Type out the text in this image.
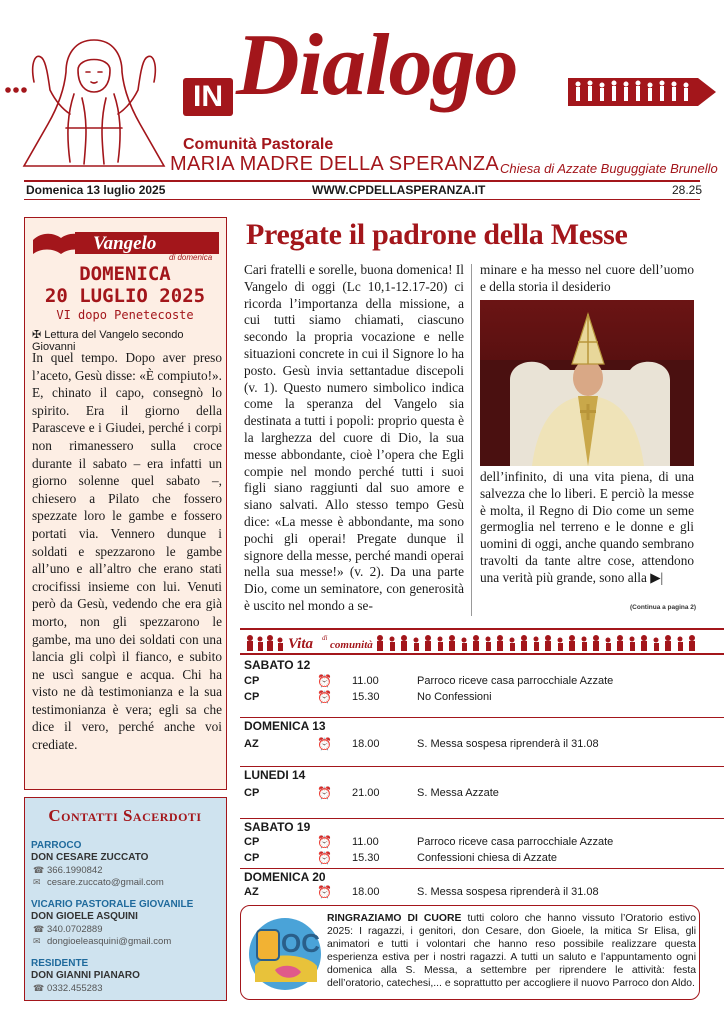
IN Dialogo
Comunità Pastorale
MARIA MADRE DELLA SPERANZA Chiesa di Azzate Buguggiate Brunello
Domenica 13 luglio 2025	WWW.CPDELLASPERANZA.IT	28.25
Vangelo
di domenica
DOMENICA
20 LUGLIO 2025
VI dopo Penetecoste
✠ Lettura del Vangelo secondo Giovanni
In quel tempo. Dopo aver preso l’aceto, Gesù disse: «È compiuto!». E, chinato il capo, consegnò lo spirito. Era il giorno della Parasceve e i Giudei, perché i corpi non rimanessero sulla croce durante il sabato – era infatti un giorno solenne quel sabato –, chiesero a Pilato che fossero spezzate loro le gambe e fossero portati via. Vennero dunque i soldati e spezzarono le gambe all’uno e all’altro che erano stati crocifissi insieme con lui. Venuti però da Gesù, vedendo che era già morto, non gli spezzarono le gambe, ma uno dei soldati con una lancia gli colpì il fianco, e subito ne uscì sangue e acqua. Chi ha visto ne dà testimonianza e la sua testimonianza è vera; egli sa che dice il vero, perché anche voi crediate.
Contatti Sacerdoti
PARROCO
DON CESARE ZUCCATO
☎ 366.1990842
✉ cesare.zuccato@gmail.com
VICARIO PASTORALE GIOVANILE
DON GIOELE ASQUINI
☎ 340.0702889
✉ dongioeleasquini@gmail.com
RESIDENTE
DON GIANNI PIANARO
☎ 0332.455283
Pregate il padrone della Messe
Cari fratelli e sorelle, buona domenica! Il Vangelo di oggi (Lc 10,1-12.17-20) ci ricorda l’importanza della missione, a cui tutti siamo chiamati, ciascuno secondo la propria vocazione e nelle situazioni concrete in cui il Signore lo ha posto. Gesù invia settantadue discepoli (v. 1). Questo numero simbolico indica come la speranza del Vangelo sia destinata a tutti i popoli: proprio questa è la larghezza del cuore di Dio, la sua messe abbondante, cioè l’opera che Egli compie nel mondo perché tutti i suoi figli siano raggiunti dal suo amore e siano salvati. Allo stesso tempo Gesù dice: «La messe è abbondante, ma sono pochi gli operai! Pregate dunque il signore della messe, perché mandi operai nella sua messe!» (v. 2). Da una parte Dio, come un seminatore, con generosità è uscito nel mondo a se-
minare e ha messo nel cuore dell’uomo e della storia il desiderio
dell’infinito, di una vita piena, di una salvezza che lo liberi. E perciò la messe è molta, il Regno di Dio come un seme germoglia nel terreno e le donne e gli uomini di oggi, anche quando sembrano travolti da tante altre cose, attendono una verità più grande, sono alla ▶|
(Continua a pagina 2)
Vita di
comunità
SABATO 12
CP	⏰ 11.00	Parroco riceve casa parrocchiale Azzate
CP	⏰ 15.30	No Confessioni
DOMENICA 13
AZ	⏰ 18.00	S. Messa sospesa riprenderà il 31.08
LUNEDI 14
CP	⏰ 21.00	S. Messa Azzate
SABATO 19
CP	⏰ 11.00	Parroco riceve casa parrocchiale Azzate
CP	⏰ 15.30	Confessioni chiesa di Azzate
DOMENICA 20
AZ	⏰ 18.00	S. Messa sospesa riprenderà il 31.08
OC
RINGRAZIAMO DI CUORE tutti coloro che hanno vissuto l’Oratorio estivo 2025: I ragazzi, i genitori, don Cesare, don Gioele, la mitica Sr Elisa, gli animatori e tutti i volontari che hanno reso possibile realizzare questa esperienza estiva per i nostri ragazzi. A tutti un saluto e l’appuntamento ogni domenica alla S. Messa, a settembre per riprendere le attività: festa dell’oratorio, catechesi,... e soprattutto per accogliere il nuovo Parroco don Aldo.
